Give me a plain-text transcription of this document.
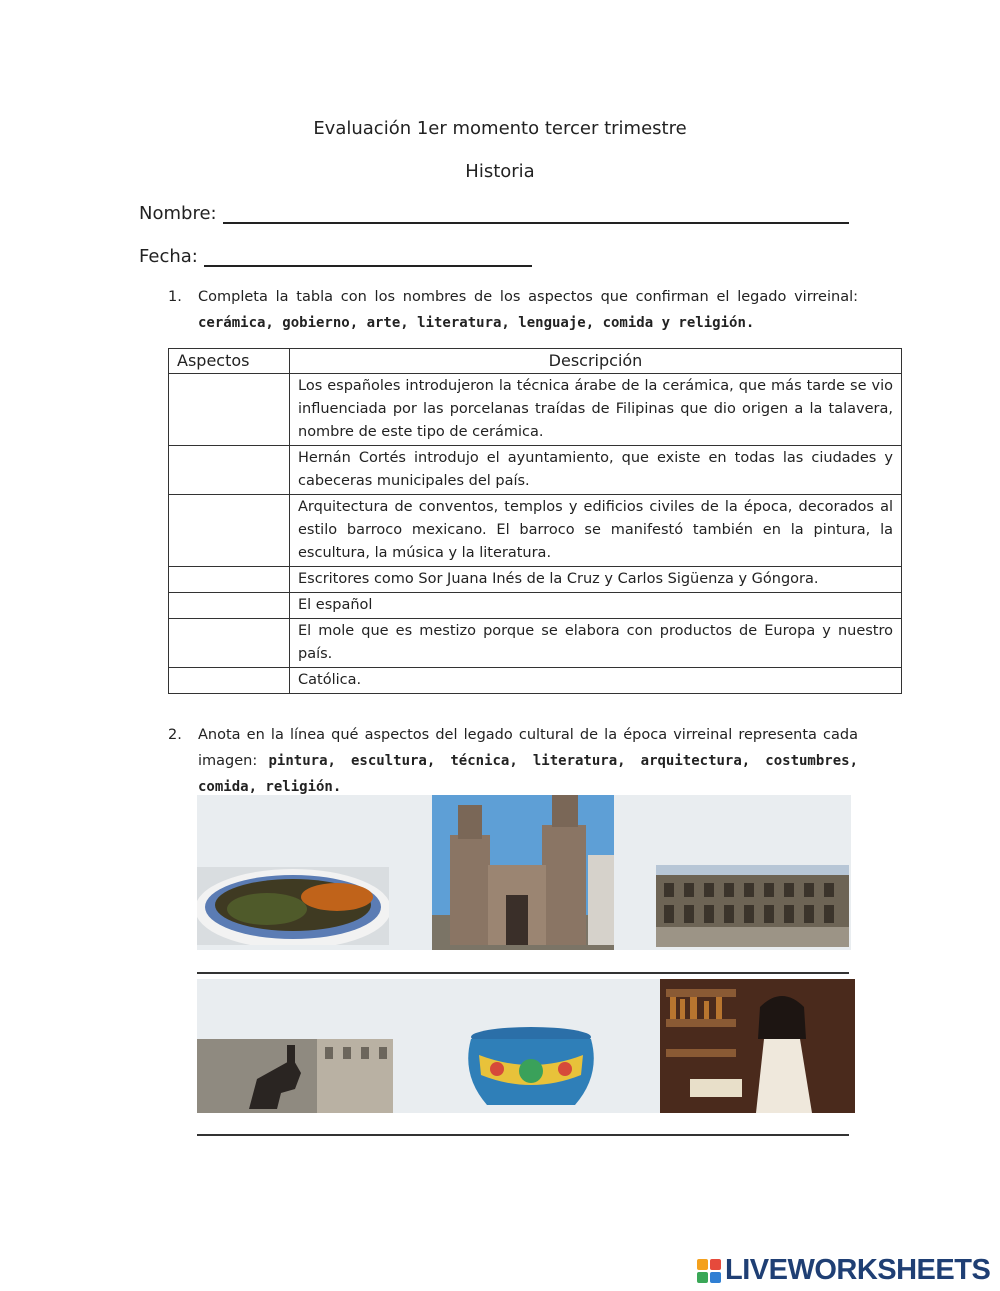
Evaluación 1er momento tercer trimestre
Historia
Nombre:
Fecha:
1. Completa la tabla con los nombres de los aspectos que confirman el legado virreinal: cerámica, gobierno, arte, literatura, lenguaje, comida y religión.
Aspectos	Descripción
	Los españoles introdujeron la técnica árabe de la cerámica, que más tarde se vio influenciada por las porcelanas traídas de Filipinas que dio origen a la talavera, nombre de este tipo de cerámica.
	Hernán Cortés introdujo el ayuntamiento, que existe en todas las ciudades y cabeceras municipales del país.
	Arquitectura de conventos, templos y edificios civiles de la época, decorados al estilo barroco mexicano. El barroco se manifestó también en la pintura, la escultura, la música y la literatura.
	Escritores como Sor Juana Inés de la Cruz y Carlos Sigüenza y Góngora.
	El español
	El mole que es mestizo porque se elabora con productos de Europa y nuestro país.
	Católica.
2. Anota en la línea qué aspectos del legado cultural de la época virreinal representa cada imagen: pintura, escultura, técnica, literatura, arquitectura, costumbres, comida, religión.
LIVEWORKSHEETS
